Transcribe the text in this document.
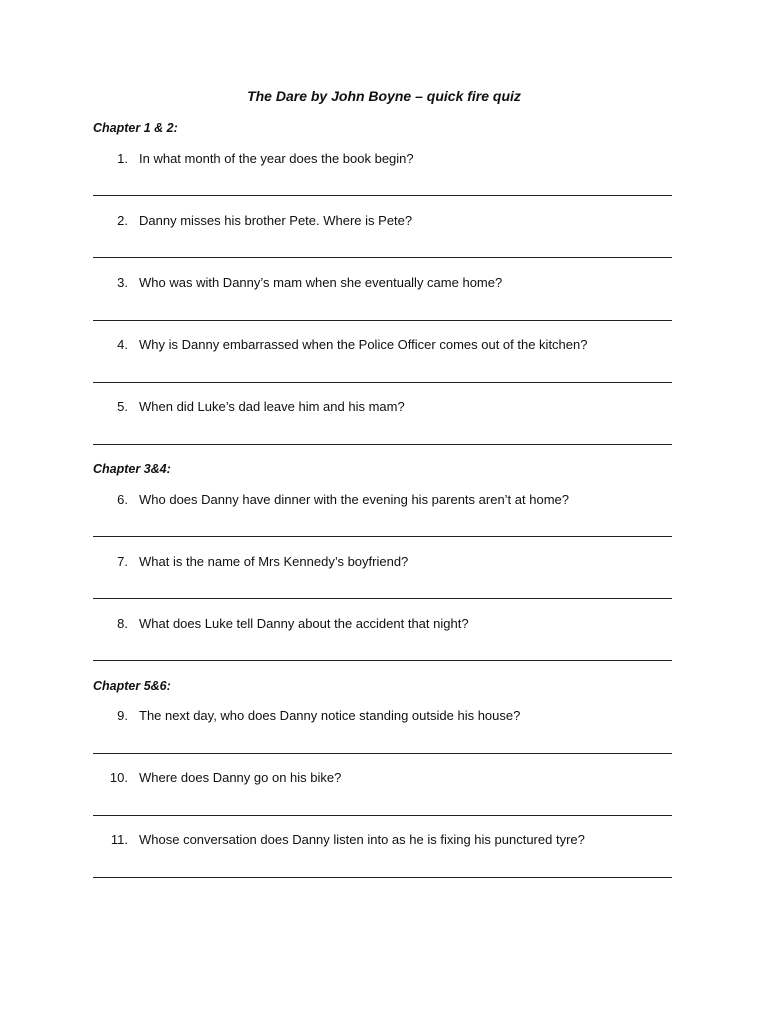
The Dare by John Boyne – quick fire quiz
Chapter 1 & 2:
1. In what month of the year does the book begin?
2. Danny misses his brother Pete. Where is Pete?
3. Who was with Danny’s mam when she eventually came home?
4. Why is Danny embarrassed when the Police Officer comes out of the kitchen?
5. When did Luke’s dad leave him and his mam?
Chapter 3&4:
6. Who does Danny have dinner with the evening his parents aren’t at home?
7. What is the name of Mrs Kennedy’s boyfriend?
8. What does Luke tell Danny about the accident that night?
Chapter 5&6:
9. The next day, who does Danny notice standing outside his house?
10. Where does Danny go on his bike?
11. Whose conversation does Danny listen into as he is fixing his punctured tyre?
